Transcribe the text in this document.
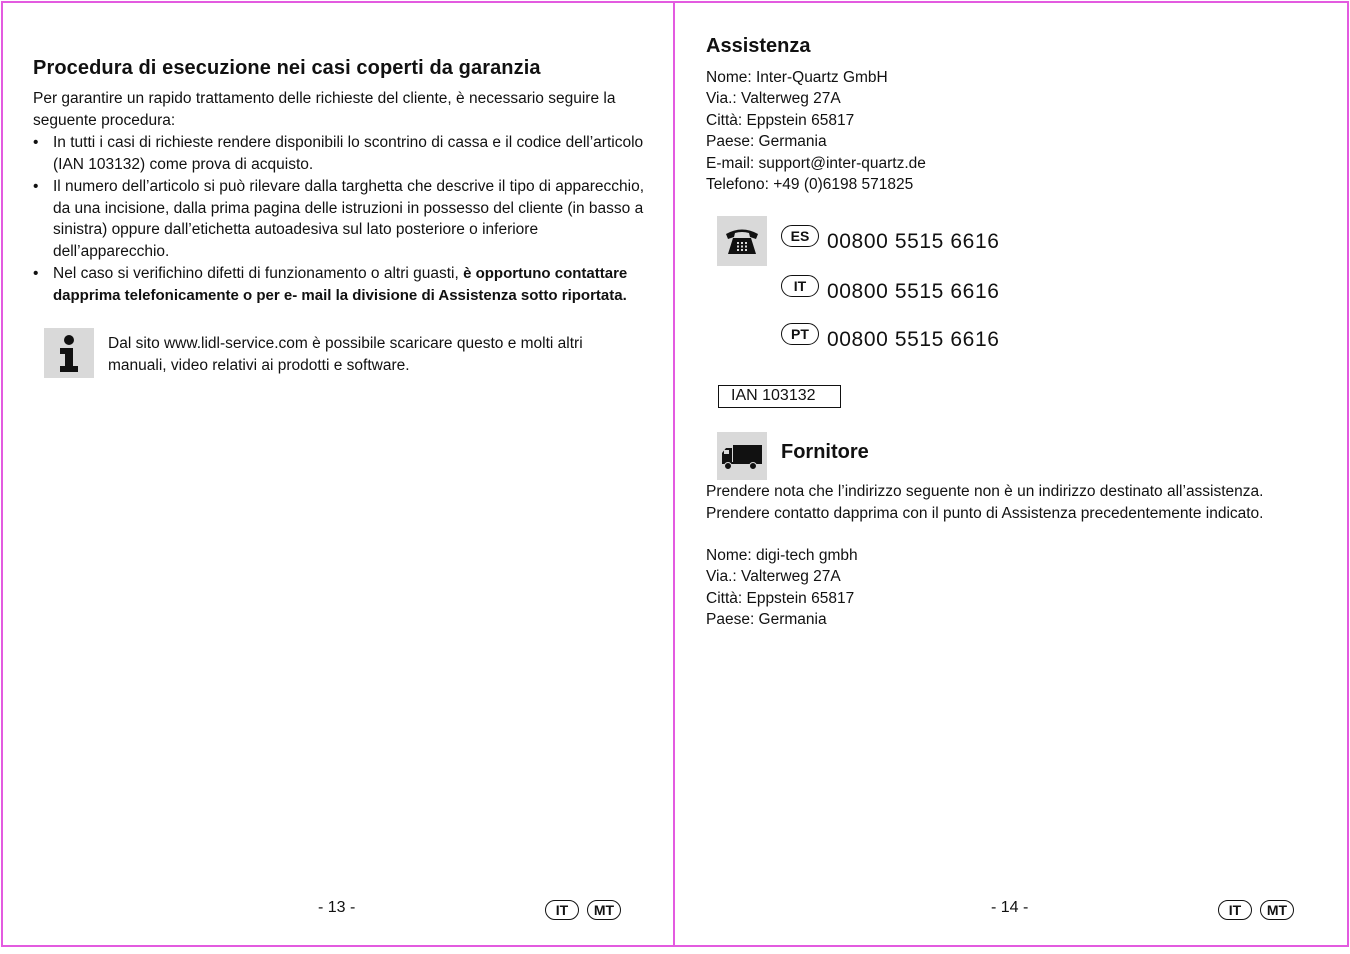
Procedura di esecuzione nei casi coperti da garanzia
Per garantire un rapido trattamento delle richieste del cliente, è necessario seguire la seguente procedura:
• In tutti i casi di richieste rendere disponibili lo scontrino di cassa e il codice dell’articolo (IAN 103132) come prova di acquisto.
• Il numero dell’articolo si può rilevare dalla targhetta che descrive il tipo di apparecchio, da una incisione, dalla prima pagina delle istruzioni in possesso del cliente (in basso a sinistra) oppure dall’etichetta autoadesiva sul lato posteriore o inferiore dell’apparecchio.
• Nel caso si verifichino difetti di funzionamento o altri guasti, è opportuno contattare dapprima telefonicamente o per e- mail la divisione di Assistenza sotto riportata.
Dal sito www.lidl-service.com è possibile scaricare questo e molti altri manuali, video relativi ai prodotti e software.
- 13 -	IT	MT
Assistenza
Nome: Inter-Quartz GmbH
Via.: Valterweg 27A
Città: Eppstein 65817
Paese: Germania
E-mail: support@inter-quartz.de
Telefono: +49 (0)6198 571825
ES 00800 5515 6616
IT 00800 5515 6616
PT 00800 5515 6616
IAN 103132
Fornitore
Prendere nota che l’indirizzo seguente non è un indirizzo destinato all’assistenza.
Prendere contatto dapprima con il punto di Assistenza precedentemente indicato.
Nome: digi-tech gmbh
Via.: Valterweg 27A
Città: Eppstein 65817
Paese: Germania
- 14 -	IT	MT
